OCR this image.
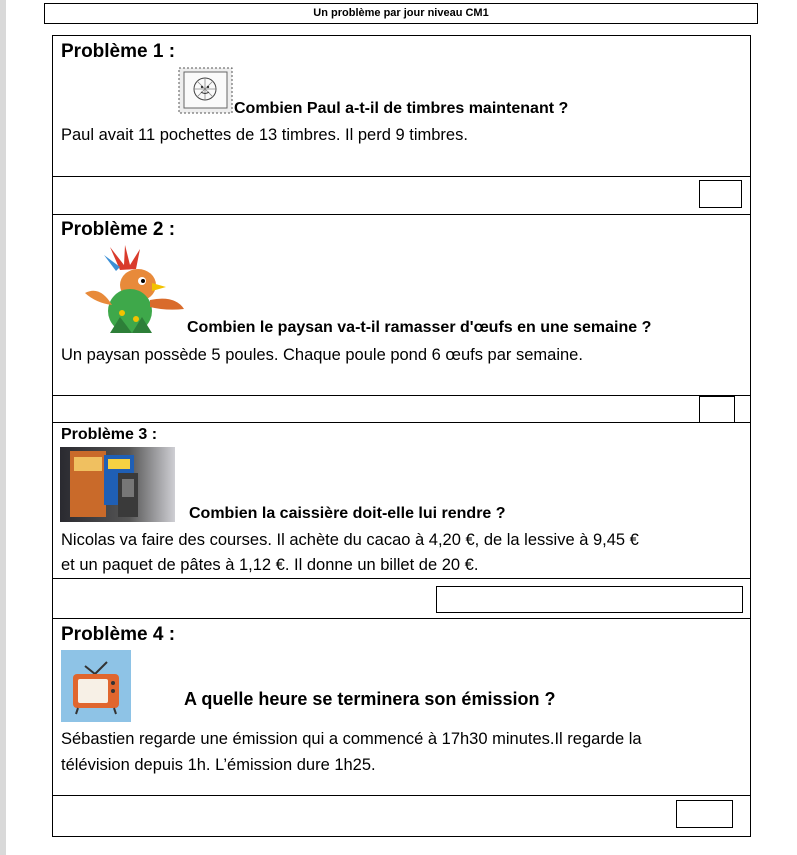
Un problème par jour niveau CM1
Problème 1 :
Combien Paul a-t-il de timbres maintenant ?
Paul avait 11 pochettes de 13 timbres. Il perd 9 timbres.
Problème 2 :
Combien le paysan va-t-il ramasser d'œufs en une semaine ?
Un paysan possède 5 poules. Chaque poule pond 6 œufs par semaine.
Problème 3 :
Combien la caissière doit-elle lui rendre ?
Nicolas va faire des courses. Il achète du cacao à 4,20 €, de la lessive à 9,45 €
et un paquet de pâtes à 1,12 €. Il donne un billet de 20 €.
Problème 4 :
A quelle heure se terminera son émission ?
Sébastien regarde une émission qui a commencé à 17h30 minutes.Il regarde la
télévision depuis 1h. L’émission dure 1h25.
